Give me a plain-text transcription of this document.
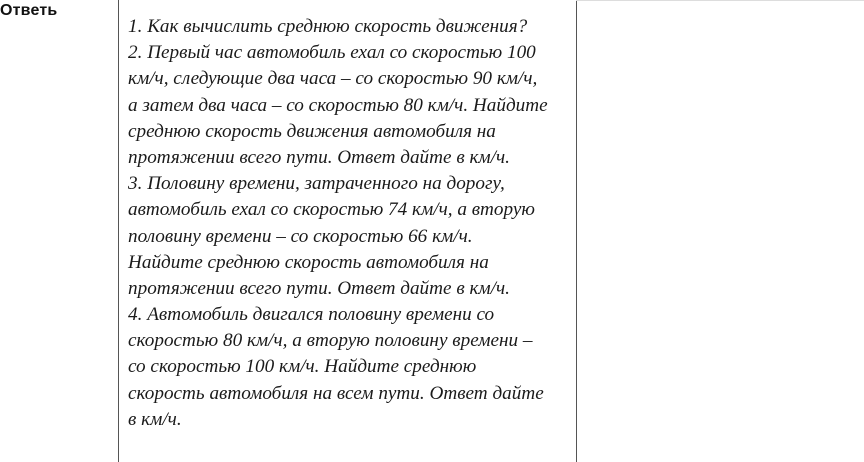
Ответь
1. Как вычислить среднюю скорость движения?
2. Первый час автомобиль ехал со скоростью 100
км/ч, следующие два часа – со скоростью 90 км/ч,
а затем два часа – со скоростью 80 км/ч. Найдите
среднюю скорость движения автомобиля на
протяжении всего пути. Ответ дайте в км/ч.
3. Половину времени, затраченного на дорогу,
автомобиль ехал со скоростью 74 км/ч, а вторую
половину времени – со скоростью 66 км/ч.
Найдите среднюю скорость автомобиля на
протяжении всего пути. Ответ дайте в км/ч.
4. Автомобиль двигался половину времени со
скоростью 80 км/ч, а вторую половину времени –
со скоростью 100 км/ч. Найдите среднюю
скорость автомобиля на всем пути. Ответ дайте
в км/ч.
